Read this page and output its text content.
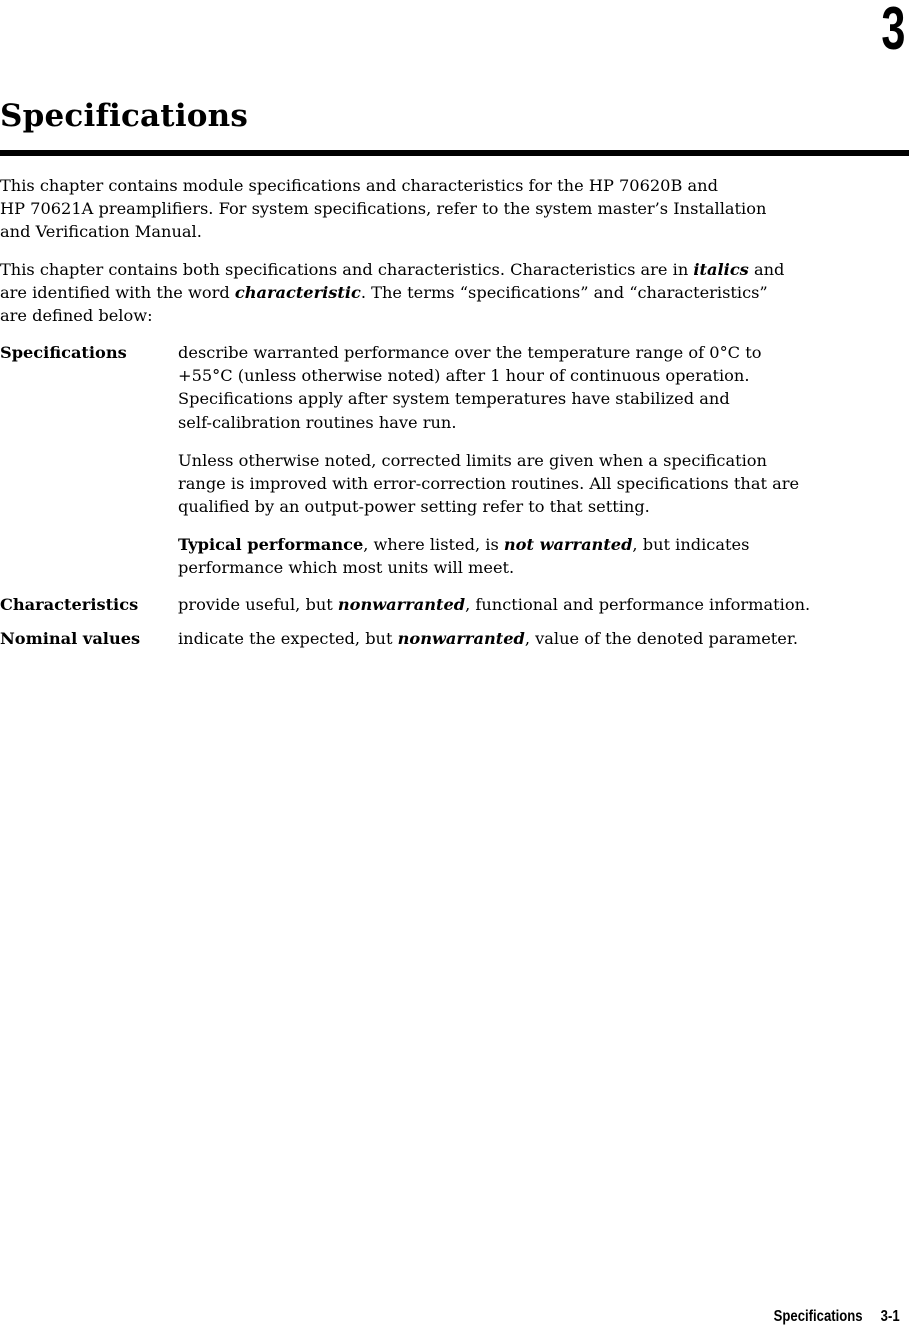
3
Specifications

This chapter contains module specifications and characteristics for the HP 70620B and
HP 70621A preamplifiers. For system specifications, refer to the system master’s Installation
and Verification Manual.

This chapter contains both specifications and characteristics. Characteristics are in italics and
are identified with the word characteristic. The terms “specifications” and “characteristics”
are defined below:

Specifications	describe warranted performance over the temperature range of 0°C to
+55°C (unless otherwise noted) after 1 hour of continuous operation.
Specifications apply after system temperatures have stabilized and
self-calibration routines have run.

Unless otherwise noted, corrected limits are given when a specification
range is improved with error-correction routines. All specifications that are
qualified by an output-power setting refer to that setting.

Typical performance, where listed, is not warranted, but indicates
performance which most units will meet.

Characteristics provide useful, but nonwarranted, functional and performance information.

Nominal values indicate the expected, but nonwarranted, value of the denoted parameter.

Specifications 3-1
